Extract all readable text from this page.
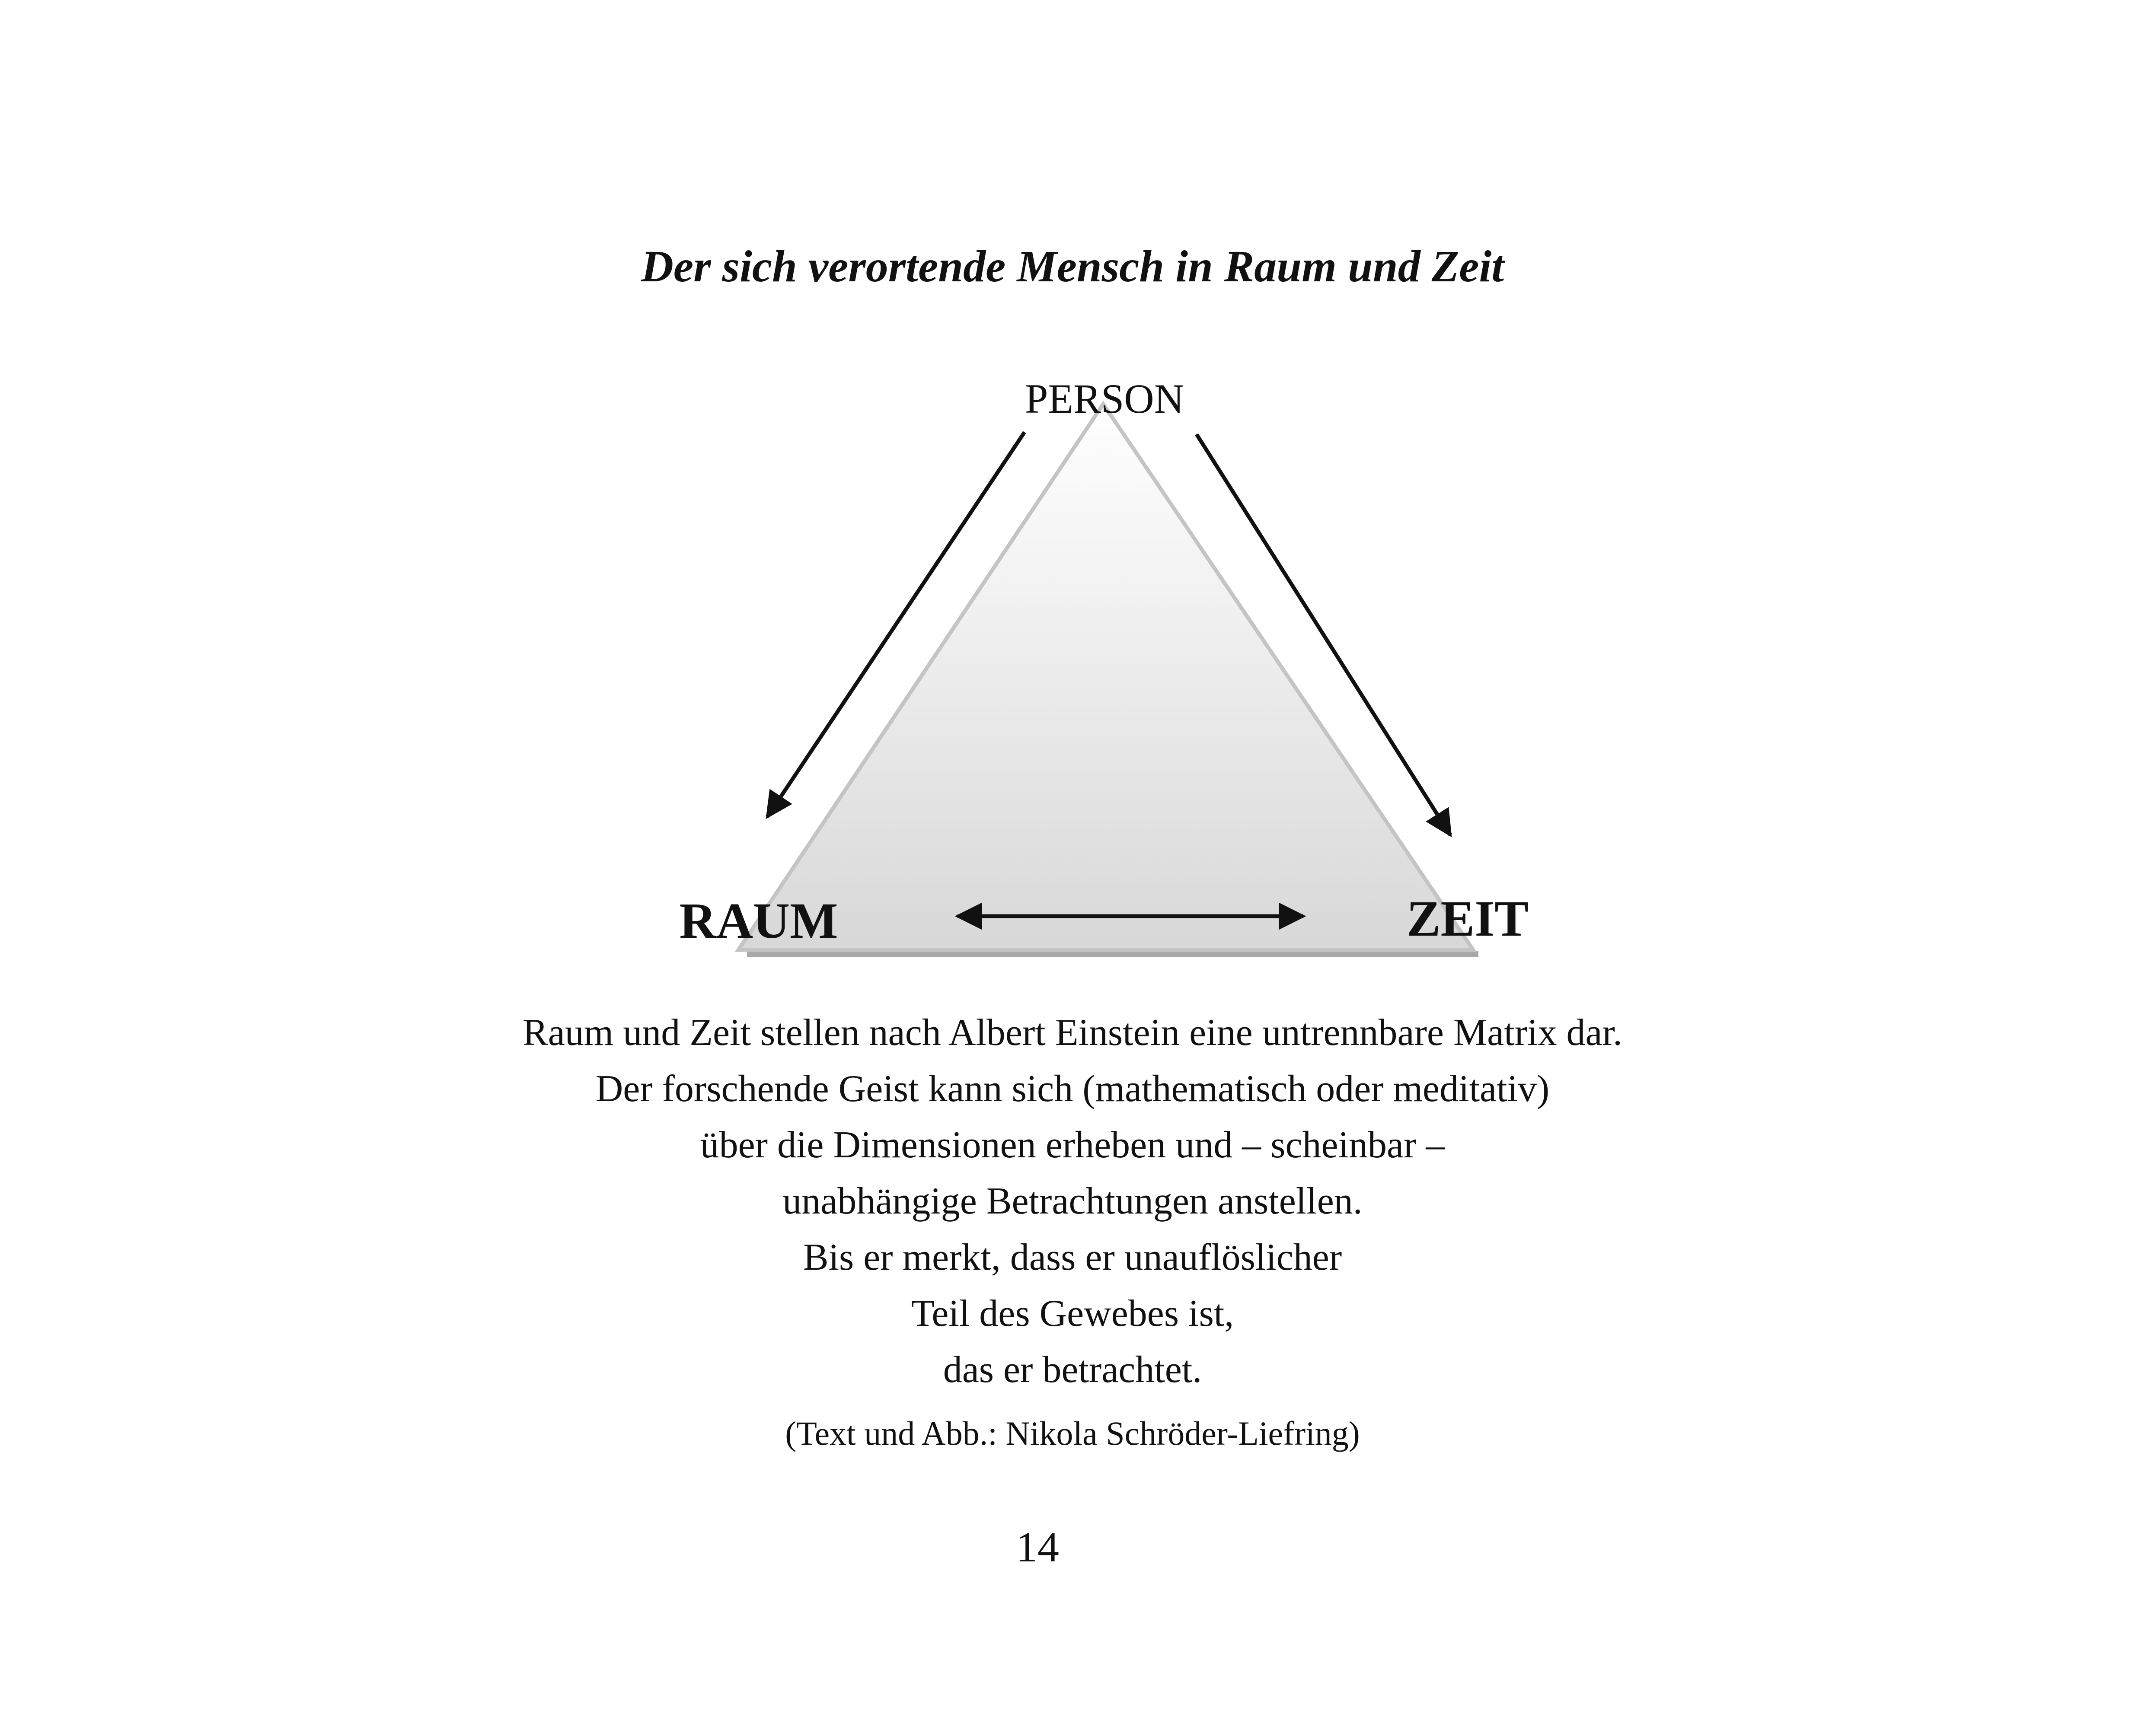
Der sich verortende Mensch in Raum und Zeit
PERSON
RAUM	ZEIT
Raum und Zeit stellen nach Albert Einstein eine untrennbare Matrix dar.
Der forschende Geist kann sich (mathematisch oder meditativ)
über die Dimensionen erheben und – scheinbar –
unabhängige Betrachtungen anstellen.
Bis er merkt, dass er unauflöslicher
Teil des Gewebes ist,
das er betrachtet.
(Text und Abb.: Nikola Schröder-Liefring)
14
